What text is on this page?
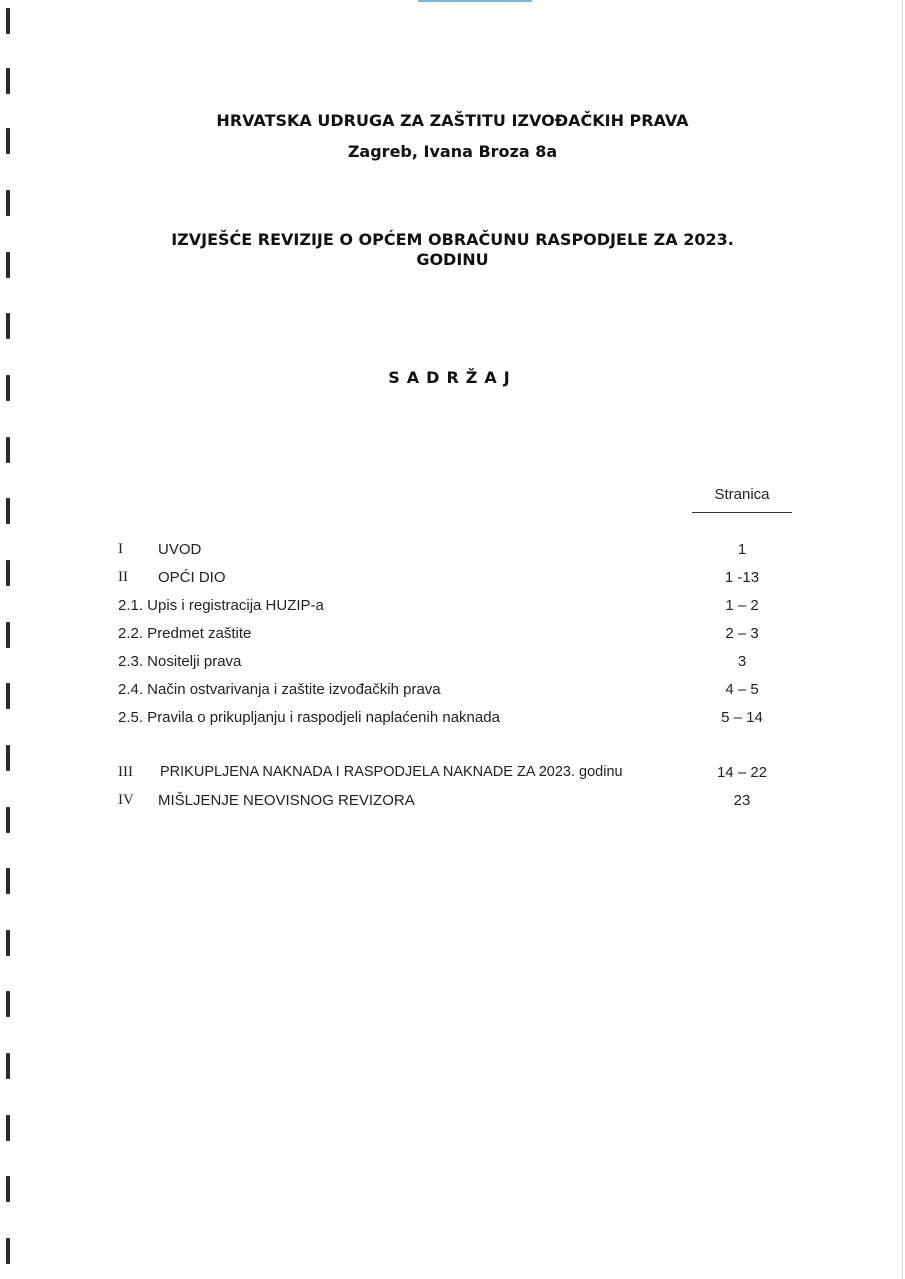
HRVATSKA UDRUGA ZA ZAŠTITU IZVOĐAČKIH PRAVA
Zagreb, Ivana Broza 8a
IZVJEŠĆE REVIZIJE O OPĆEM OBRAČUNU RASPODJELE ZA 2023.
GODINU
SADRŽAJ
Stranica
I UVOD	1
II OPĆI DIO	1 -13
2.1. Upis i registracija HUZIP-a	1 – 2
2.2. Predmet zaštite	2 – 3
2.3. Nositelji prava	3
2.4. Način ostvarivanja i zaštite izvođačkih prava	4 – 5
2.5. Pravila o prikupljanju i raspodjeli naplaćenih naknada	5 – 14
III PRIKUPLJENA NAKNADA I RASPODJELA NAKNADE ZA 2023. godinu	14 – 22
IV MIŠLJENJE NEOVISNOG REVIZORA	23
